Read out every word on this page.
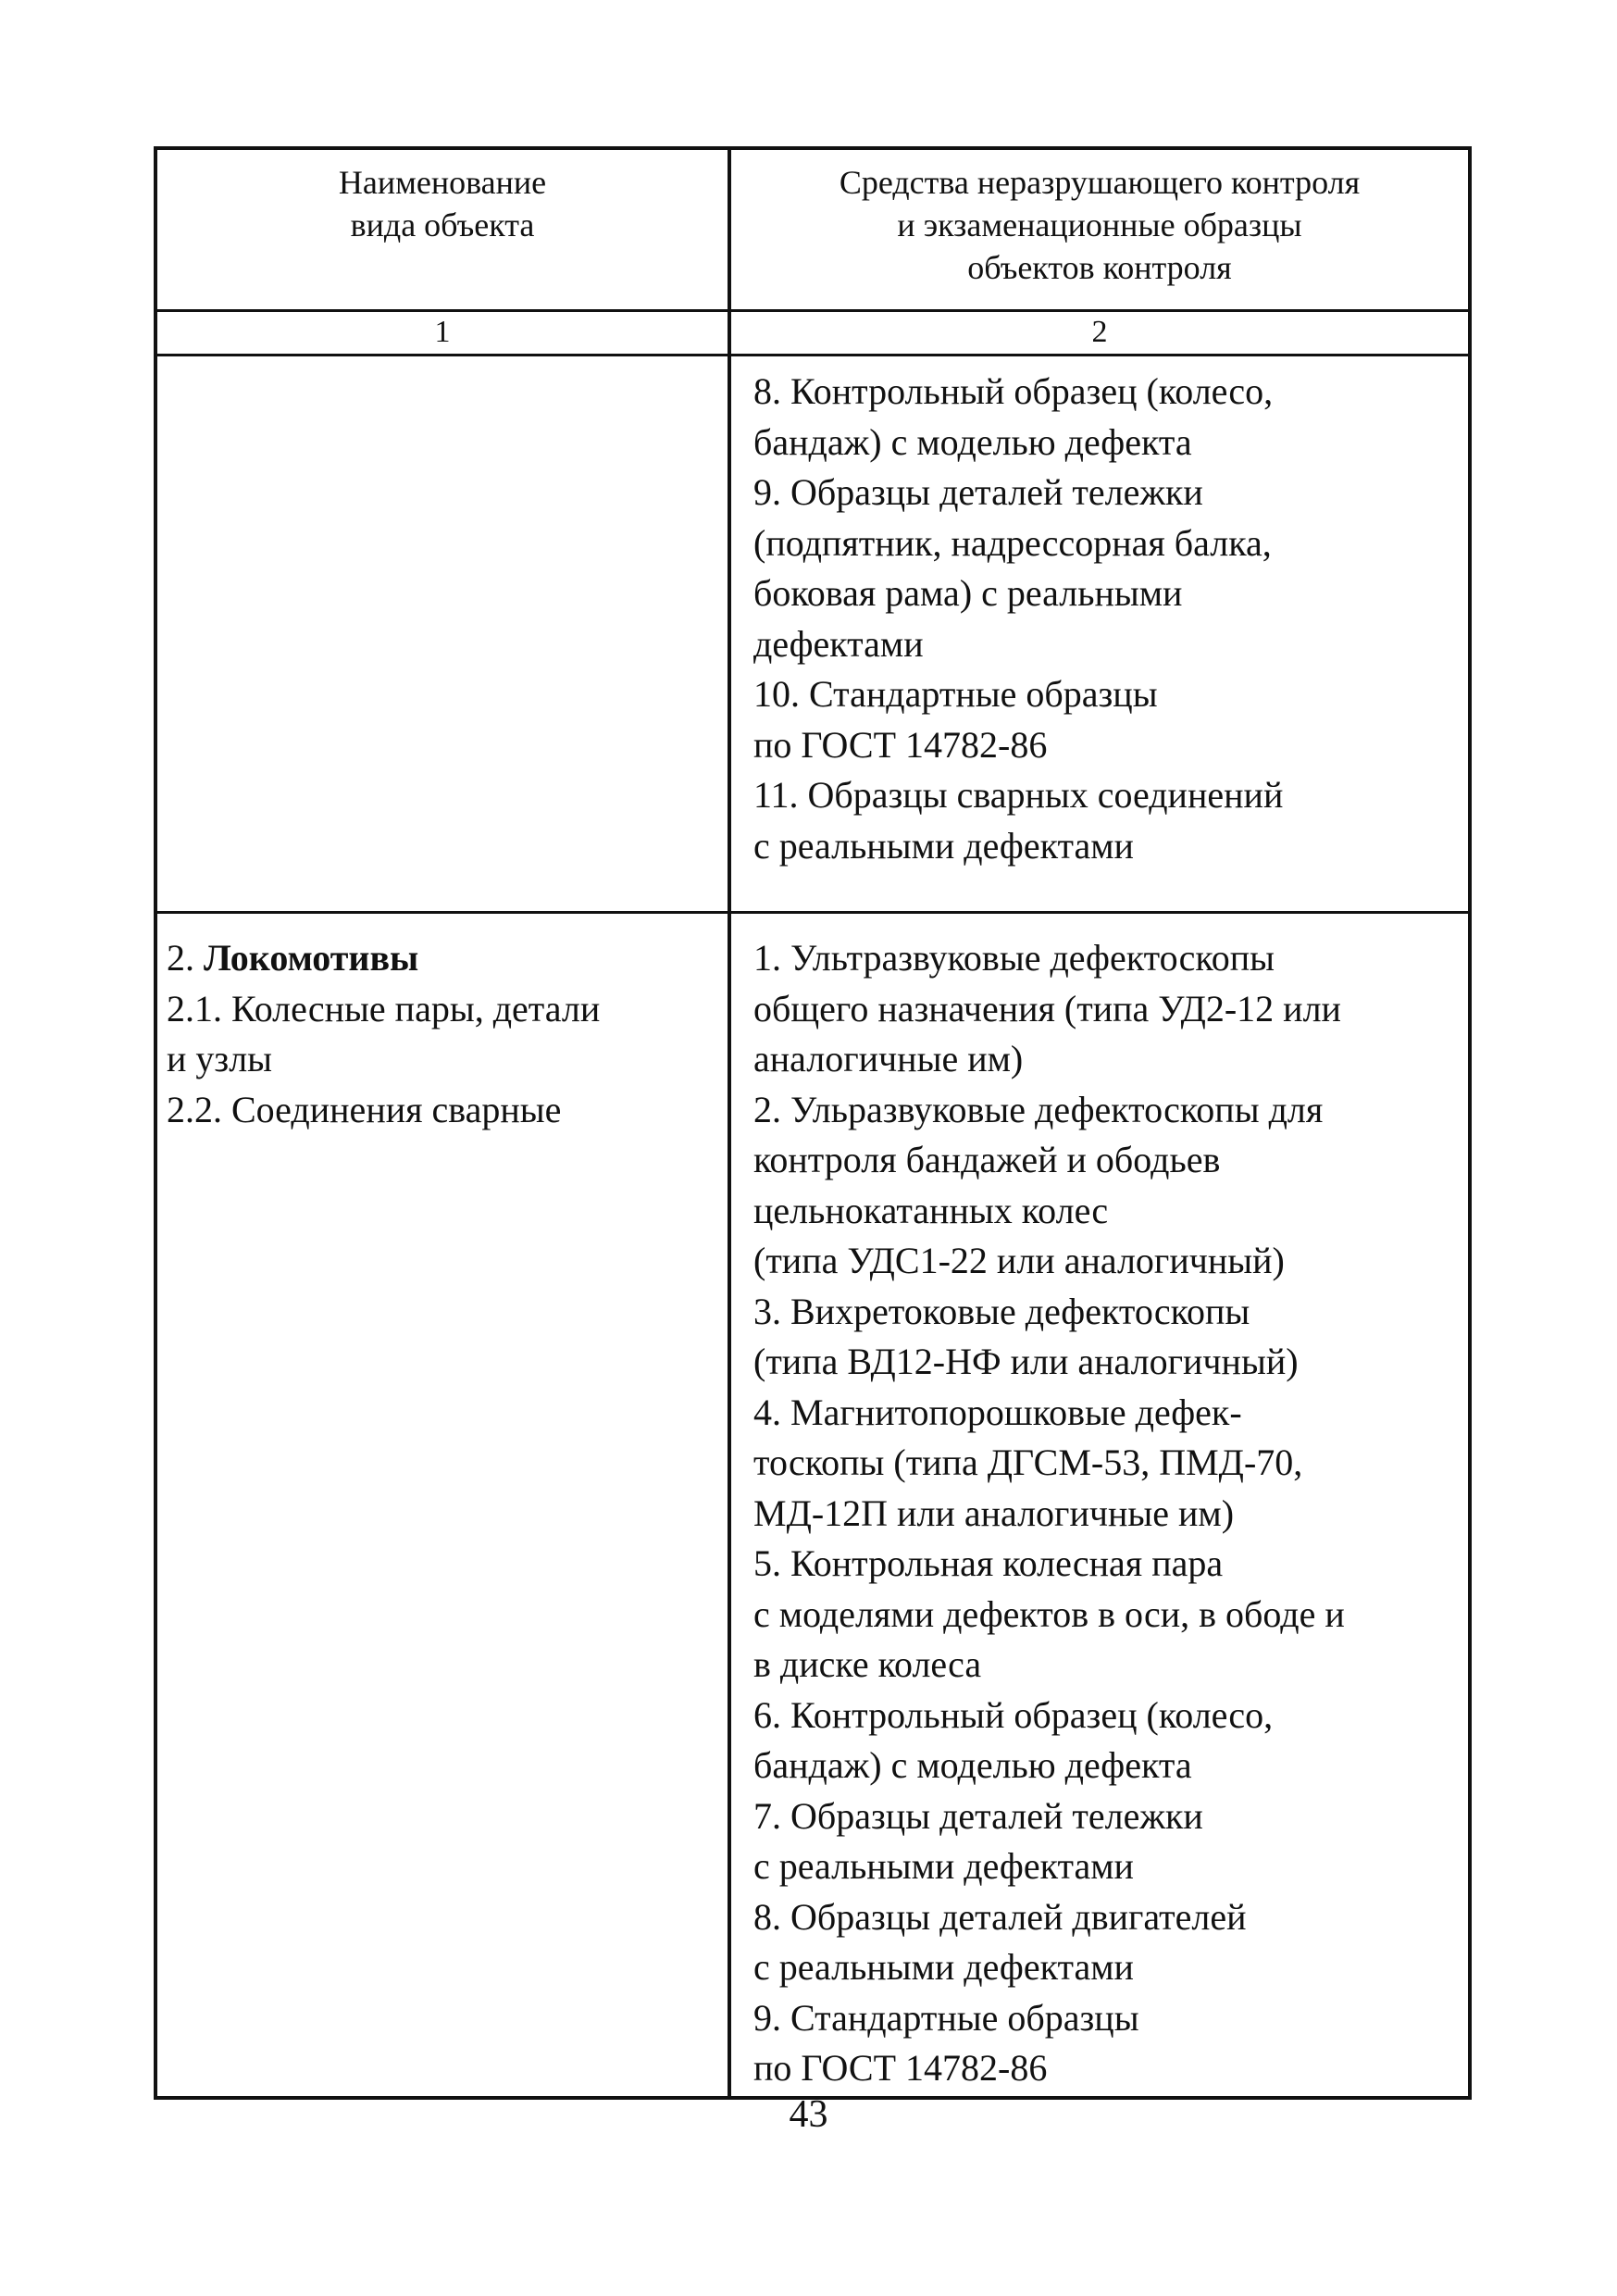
Наименование
вида объекта
Средства неразрушающего контроля
и экзаменационные образцы
объектов контроля
1	2
8. Контрольный образец (колесо,
бандаж) с моделью дефекта
9. Образцы деталей тележки
(подпятник, надрессорная балка,
боковая рама) с реальными
дефектами
10. Стандартные образцы
по ГОСТ 14782-86
11. Образцы сварных соединений
с реальными дефектами
2. Локомотивы
2.1. Колесные пары, детали
и узлы
2.2. Соединения сварные
1. Ультразвуковые дефектоскопы
общего назначения (типа УД2-12 или
аналогичные им)
2. Ульразвуковые дефектоскопы для
контроля бандажей и ободьев
цельнокатанных колес
(типа УДС1-22 или аналогичный)
3. Вихретоковые дефектоскопы
(типа ВД12-НФ или аналогичный)
4. Магнитопорошковые дефек-
тоскопы (типа ДГСМ-53, ПМД-70,
МД-12П или аналогичные им)
5. Контрольная колесная пара
с моделями дефектов в оси, в ободе и
в диске колеса
6. Контрольный образец (колесо,
бандаж) с моделью дефекта
7. Образцы деталей тележки
с реальными дефектами
8. Образцы деталей двигателей
с реальными дефектами
9. Стандартные образцы
по ГОСТ 14782-86
43
